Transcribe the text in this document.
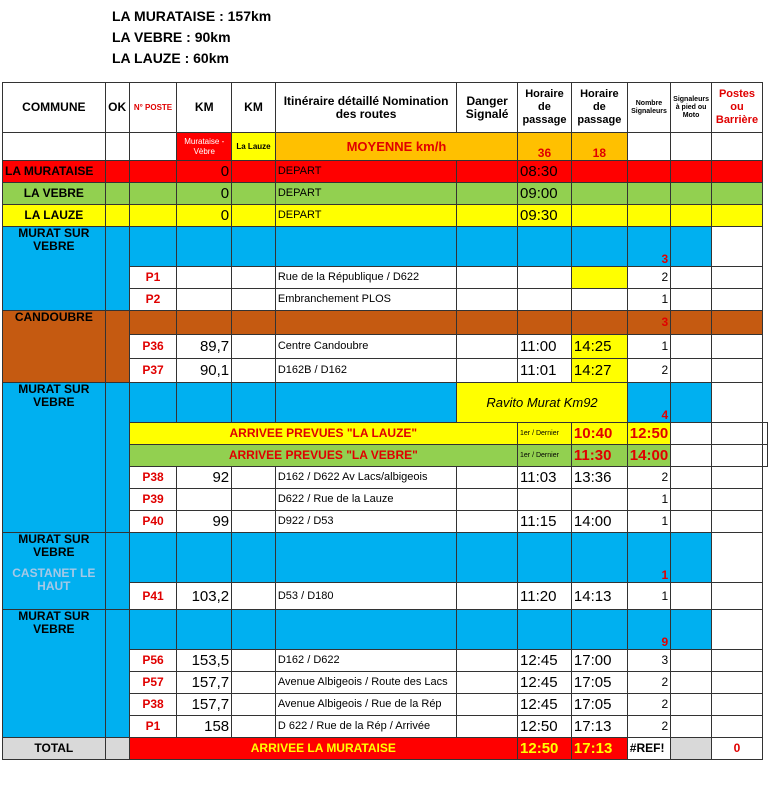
LA MURATAISE : 157km
LA VEBRE : 90km
LA LAUZE : 60km
COMMUNE	OK	N° POSTE	KM	KM	Itinéraire détaillé Nomination des routes	Danger Signalé	Horaire de passage	Horaire de passage	Nombre Signaleurs	Signaleurs à pied ou Moto	Postes ou Barrière	
			Murataise - Vèbre	La Lauze	MOYENNE km/h		36	18				
LA MURATAISE			0		DEPART		08:30					
LA VEBRE			0		DEPART		09:00					
LA LAUZE			0		DEPART		09:30					
MURAT SUR VEBRE									3			
		P1			Rue de la République / D622				2			
		P2			Embranchement PLOS				1			
CANDOUBRE									3			
		P36	89,7		Centre Candoubre		11:00	14:25	1			
		P37	90,1		D162B / D162		11:01	14:27	2			
MURAT SUR VEBRE						Ravito Murat Km92			4			
		ARRIVEE PREVUES "LA LAUZE"					1er / Dernier	10:40	12:50			
		ARRIVEE PREVUES "LA VEBRE"					1er / Dernier	11:30	14:00			
		P38	92		D162 / D622 Av Lacs/albigeois		11:03	13:36	2			
		P39			D622 / Rue de la Lauze				1			
		P40	99		D922 / D53		11:15	14:00	1			

MURAT SUR VEBRE
CASTANET LE HAUT									1			
		P41	103,2		D53 / D180		11:20	14:13	1			
MURAT SUR VEBRE									9			
		P56	153,5		D162 / D622		12:45	17:00	3			
		P57	157,7		Avenue Albigeois / Route des Lacs		12:45	17:05	2			
		P38	157,7		Avenue Albigeois / Rue de la Rép		12:45	17:05	2			
		P1	158		D 622 / Rue de la Rép / Arrivée		12:50	17:13	2			
TOTAL		ARRIVEE LA MURATAISE					12:50	17:13	#REF!		0	
